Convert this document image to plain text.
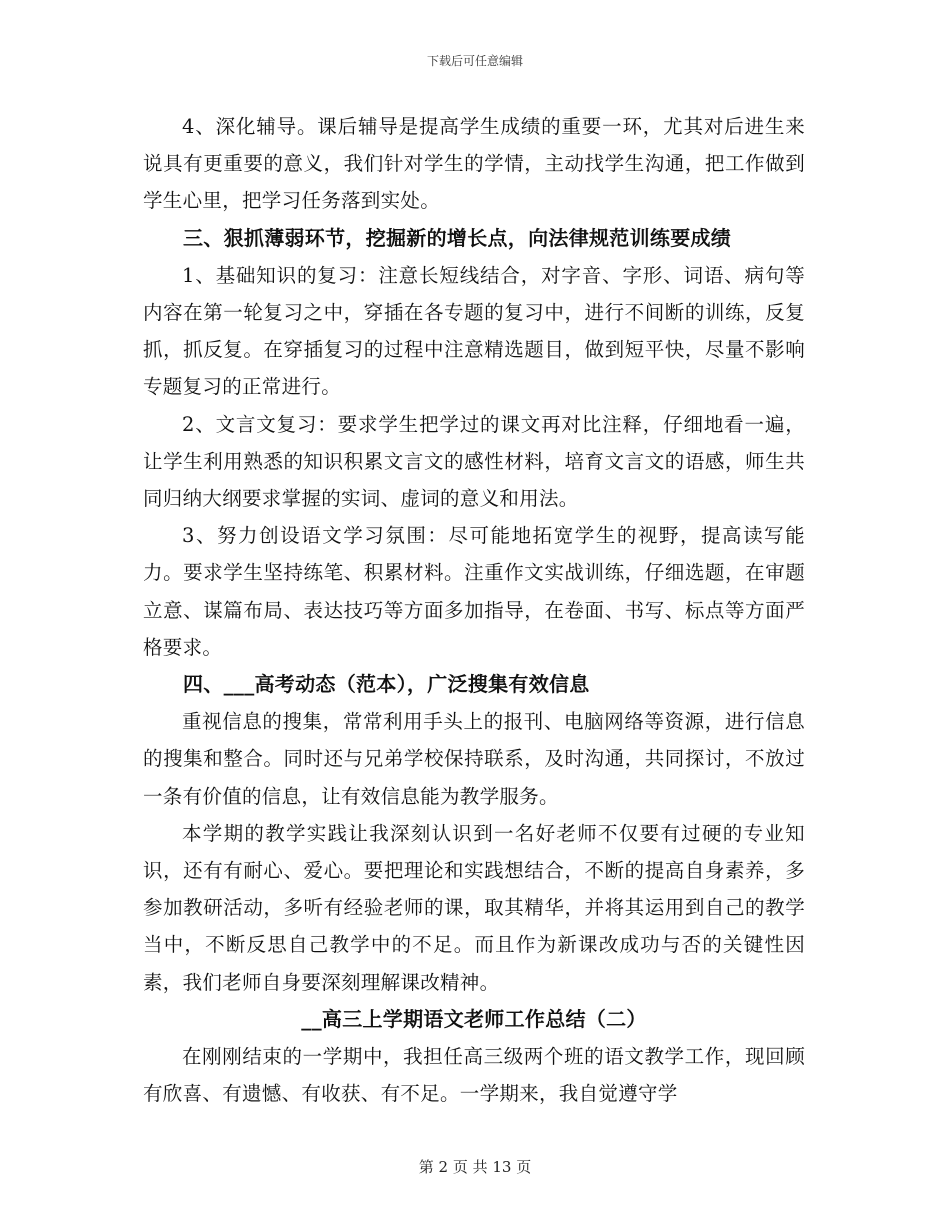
下载后可任意编辑

4、深化辅导。课后辅导是提高学生成绩的重要一环，尤其对后进生来说具有更重要的意义，我们针对学生的学情，主动找学生沟通，把工作做到学生心里，把学习任务落到实处。

三、狠抓薄弱环节，挖掘新的增长点，向法律规范训练要成绩

1、基础知识的复习：注意长短线结合，对字音、字形、词语、病句等内容在第一轮复习之中，穿插在各专题的复习中，进行不间断的训练，反复抓，抓反复。在穿插复习的过程中注意精选题目，做到短平快，尽量不影响专题复习的正常进行。

2、文言文复习：要求学生把学过的课文再对比注释，仔细地看一遍，让学生利用熟悉的知识积累文言文的感性材料，培育文言文的语感，师生共同归纳大纲要求掌握的实词、虚词的意义和用法。

3、努力创设语文学习氛围：尽可能地拓宽学生的视野，提高读写能力。要求学生坚持练笔、积累材料。注重作文实战训练，仔细选题，在审题立意、谋篇布局、表达技巧等方面多加指导，在卷面、书写、标点等方面严格要求。

四、___高考动态（范本），广泛搜集有效信息

重视信息的搜集，常常利用手头上的报刊、电脑网络等资源，进行信息的搜集和整合。同时还与兄弟学校保持联系，及时沟通，共同探讨，不放过一条有价值的信息，让有效信息能为教学服务。

本学期的教学实践让我深刻认识到一名好老师不仅要有过硬的专业知识，还有有耐心、爱心。要把理论和实践想结合，不断的提高自身素养，多参加教研活动，多听有经验老师的课，取其精华，并将其运用到自己的教学当中，不断反思自己教学中的不足。而且作为新课改成功与否的关键性因素，我们老师自身要深刻理解课改精神。

__高三上学期语文老师工作总结（二）

在刚刚结束的一学期中，我担任高三级两个班的语文教学工作，现回顾有欣喜、有遗憾、有收获、有不足。一学期来，我自觉遵守学

第 2 页 共 13 页
